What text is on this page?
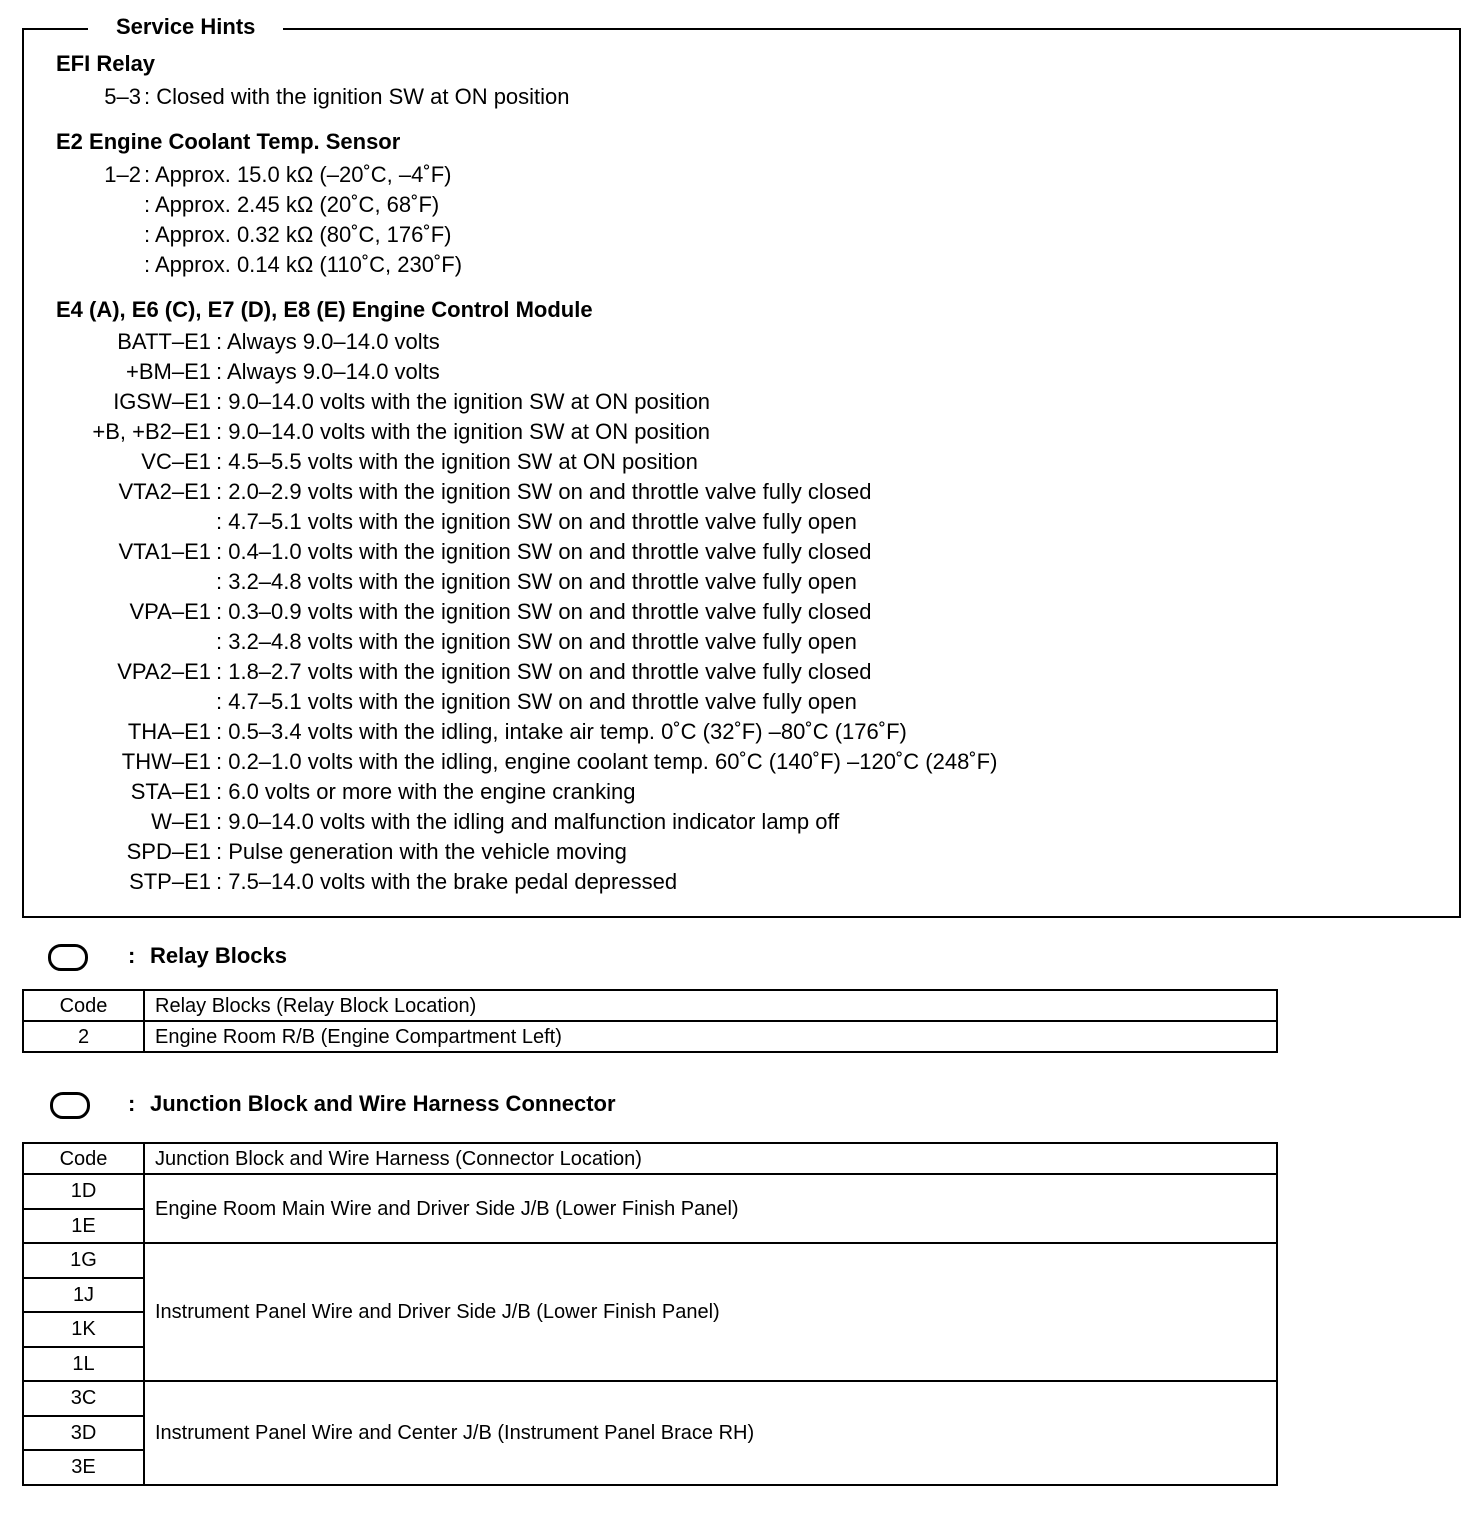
Service Hints
EFI Relay
5–3 : Closed with the ignition SW at ON position
E2 Engine Coolant Temp. Sensor
1–2 : Approx. 15.0 kΩ (–20˚C, –4˚F)
: Approx. 2.45 kΩ (20˚C, 68˚F)
: Approx. 0.32 kΩ (80˚C, 176˚F)
: Approx. 0.14 kΩ (110˚C, 230˚F)
E4 (A), E6 (C), E7 (D), E8 (E) Engine Control Module
BATT–E1 : Always 9.0–14.0 volts
+BM–E1 : Always 9.0–14.0 volts
IGSW–E1 : 9.0–14.0 volts with the ignition SW at ON position
+B, +B2–E1 : 9.0–14.0 volts with the ignition SW at ON position
VC–E1 : 4.5–5.5 volts with the ignition SW at ON position
VTA2–E1 : 2.0–2.9 volts with the ignition SW on and throttle valve fully closed
: 4.7–5.1 volts with the ignition SW on and throttle valve fully open
VTA1–E1 : 0.4–1.0 volts with the ignition SW on and throttle valve fully closed
: 3.2–4.8 volts with the ignition SW on and throttle valve fully open
VPA–E1 : 0.3–0.9 volts with the ignition SW on and throttle valve fully closed
: 3.2–4.8 volts with the ignition SW on and throttle valve fully open
VPA2–E1 : 1.8–2.7 volts with the ignition SW on and throttle valve fully closed
: 4.7–5.1 volts with the ignition SW on and throttle valve fully open
THA–E1 : 0.5–3.4 volts with the idling, intake air temp. 0˚C (32˚F) –80˚C (176˚F)
THW–E1 : 0.2–1.0 volts with the idling, engine coolant temp. 60˚C (140˚F) –120˚C (248˚F)
STA–E1 : 6.0 volts or more with the engine cranking
W–E1 : 9.0–14.0 volts with the idling and malfunction indicator lamp off
SPD–E1 : Pulse generation with the vehicle moving
STP–E1 : 7.5–14.0 volts with the brake pedal depressed
: Relay Blocks
Code	Relay Blocks (Relay Block Location)
2	Engine Room R/B (Engine Compartment Left)
: Junction Block and Wire Harness Connector
Code	Junction Block and Wire Harness (Connector Location)
1D	Engine Room Main Wire and Driver Side J/B (Lower Finish Panel)
1E	
1G	Instrument Panel Wire and Driver Side J/B (Lower Finish Panel)
1J	
1K	
1L	
3C	Instrument Panel Wire and Center J/B (Instrument Panel Brace RH)
3D	
3E	
